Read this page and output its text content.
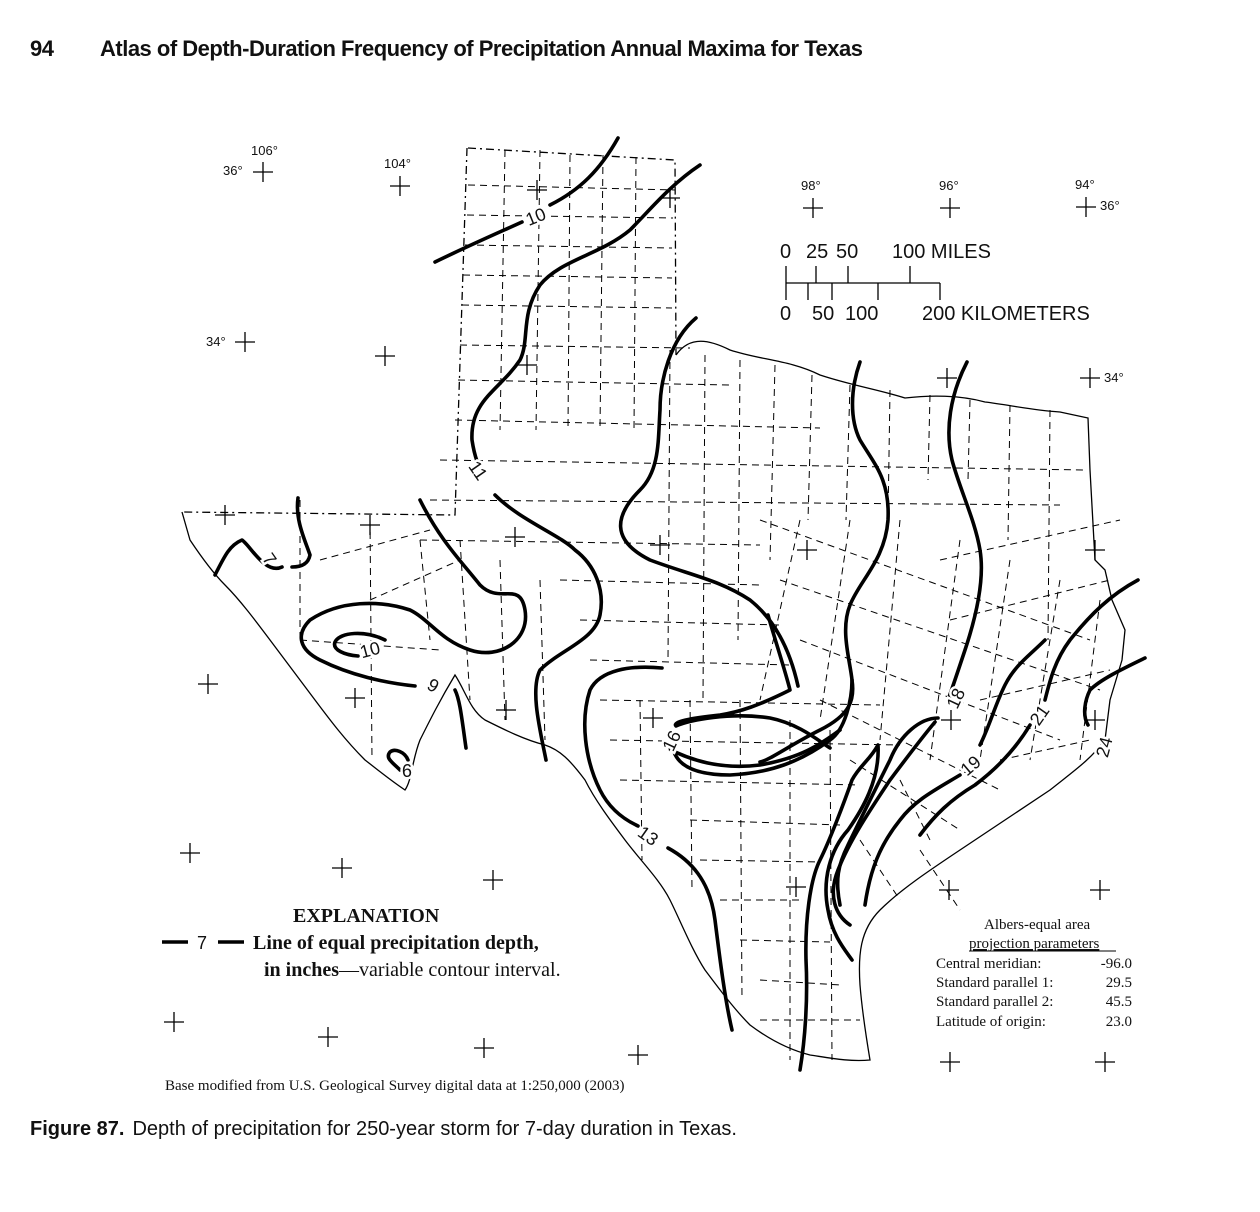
94 Atlas of Depth-Duration Frequency of Precipitation Annual Maxima for Texas
106°
36°	104°
98°	96°	94°
36°
34°
34°
0 25 50 100 MILES
0 50 100 200 KILOMETERS
10
11
7
10
9
9
16
13
18
19
21
24
EXPLANATION
7 Line of equal precipitation depth,
in inches—variable contour interval.
Albers-equal area
projection parameters
Central meridian:	-96.0
Standard parallel 1:	29.5
Standard parallel 2:	45.5
Latitude of origin:	23.0
Base modified from U.S. Geological Survey digital data at 1:250,000 (2003)
Figure 87. Depth of precipitation for 250-year storm for 7-day duration in Texas.
